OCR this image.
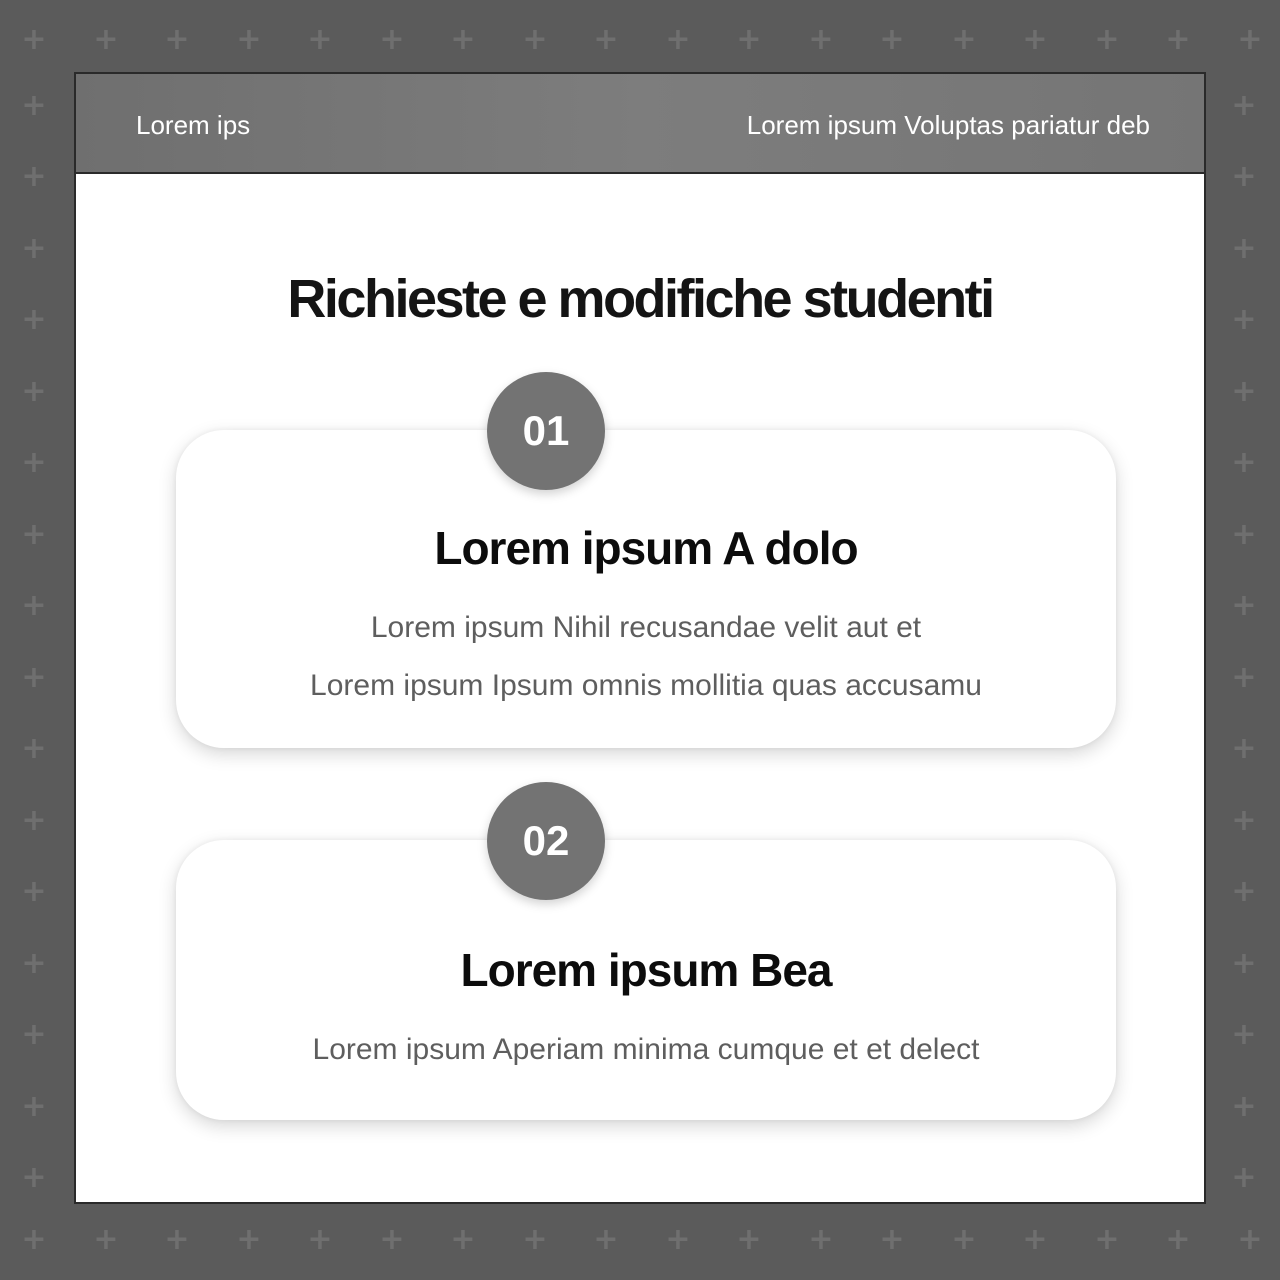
+
+
+
+
+
+
+
+
+
+
+
+
+
+
+
+
+
+
+
+
+
+
+
+
+
+
+
+
+
+
+
+
+
+
+
+
+	+
+	+
+	+
+	+
+	+
+	+
+	+
+	+
+	+
+	+
+	+
+	+
+	+
+	+
+	+
+	+
Lorem ips	Lorem ipsum Voluptas pariatur deb
Richieste e modifiche studenti
Lorem ipsum A dolo
Lorem ipsum Nihil recusandae velit aut et
Lorem ipsum Ipsum omnis mollitia quas accusamu
01
Lorem ipsum Bea
Lorem ipsum Aperiam minima cumque et et delect
02
